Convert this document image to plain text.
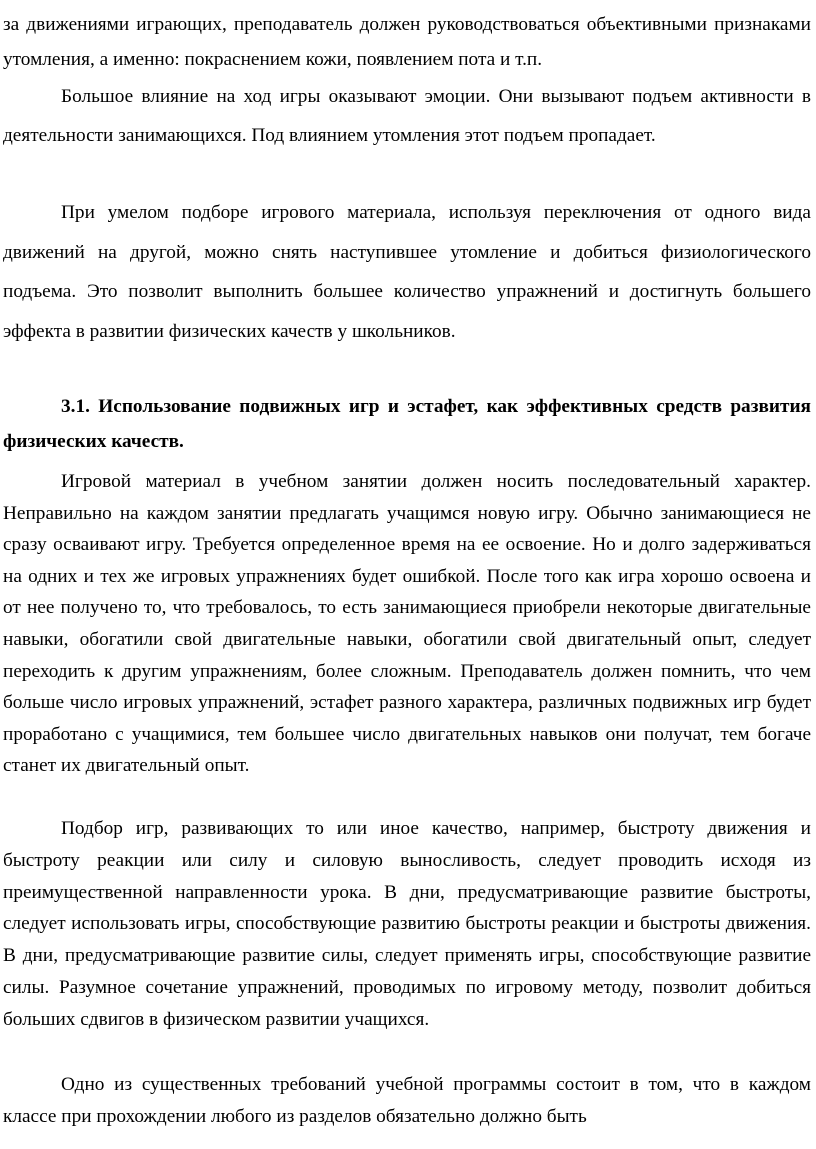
за движениями играющих, преподаватель должен руководствоваться объективными признаками утомления, а именно: покраснением кожи, появлением пота и т.п.

Большое влияние на ход игры оказывают эмоции. Они вызывают подъем активности в деятельности занимающихся. Под влиянием утомления этот подъем пропадает.

При умелом подборе игрового материала, используя переключения от одного вида движений на другой, можно снять наступившее утомление и добиться физиологического подъема. Это позволит выполнить большее количество упражнений и достигнуть большего эффекта в развитии физических качеств у школьников.

3.1. Использование подвижных игр и эстафет, как эффективных средств развития физических качеств.

Игровой материал в учебном занятии должен носить последовательный характер. Неправильно на каждом занятии предлагать учащимся новую игру. Обычно занимающиеся не сразу осваивают игру. Требуется определенное время на ее освоение. Но и долго задерживаться на одних и тех же игровых упражнениях будет ошибкой. После того как игра хорошо освоена и от нее получено то, что требовалось, то есть занимающиеся приобрели некоторые двигательные навыки, обогатили свой двигательные навыки, обогатили свой двигательный опыт, следует переходить к другим упражнениям, более сложным. Преподаватель должен помнить, что чем больше число игровых упражнений, эстафет разного характера, различных подвижных игр будет проработано с учащимися, тем большее число двигательных навыков они получат, тем богаче станет их двигательный опыт.

Подбор игр, развивающих то или иное качество, например, быстроту движения и быстроту реакции или силу и силовую выносливость, следует проводить исходя из преимущественной направленности урока. В дни, предусматривающие развитие быстроты, следует использовать игры, способствующие развитию быстроты реакции и быстроты движения. В дни, предусматривающие развитие силы, следует применять игры, способствующие развитие силы. Разумное сочетание упражнений, проводимых по игровому методу, позволит добиться больших сдвигов в физическом развитии учащихся.

Одно из существенных требований учебной программы состоит в том, что в каждом классе при прохождении любого из разделов обязательно должно быть
